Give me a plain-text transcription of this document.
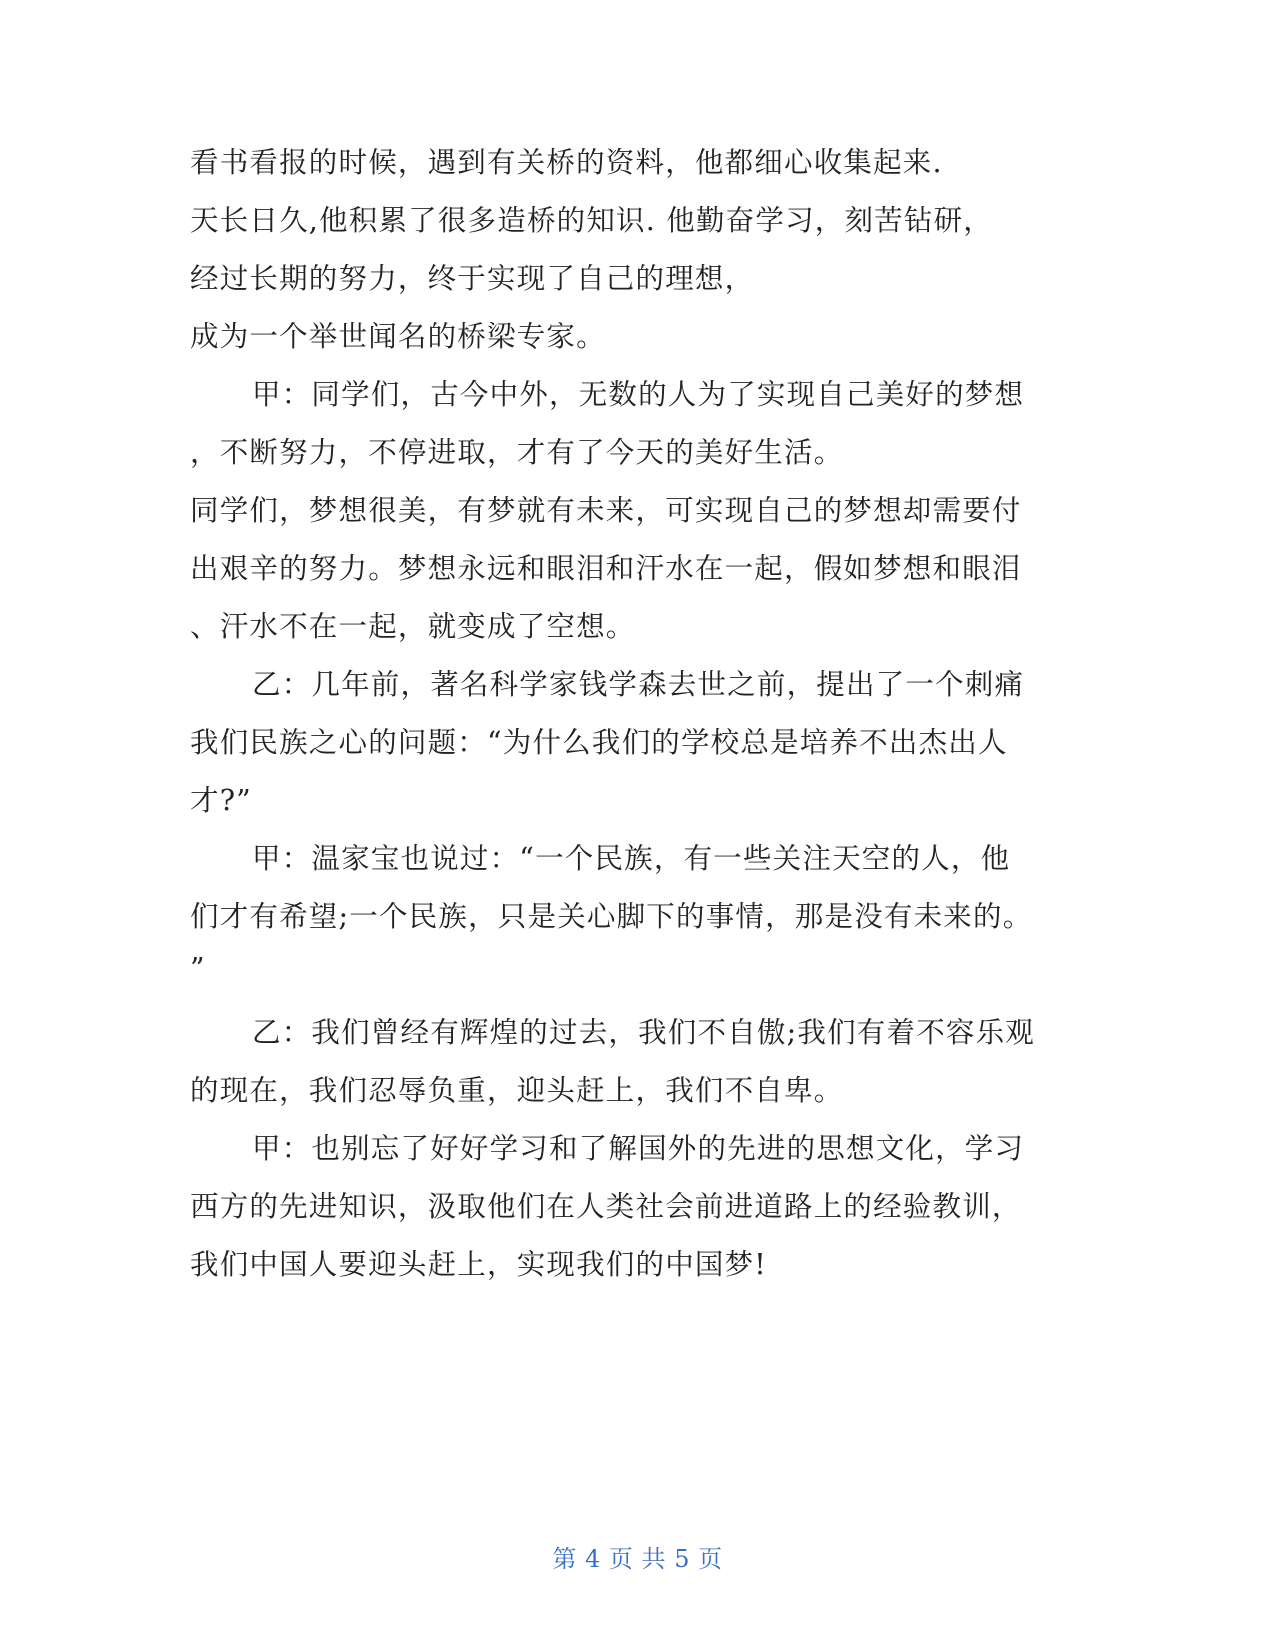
看书看报的时候，遇到有关桥的资料，他都细心收集起来.

天长日久,他积累了很多造桥的知识. 他勤奋学习，刻苦钻研，

经过长期的努力，终于实现了自己的理想，

成为一个举世闻名的桥梁专家。

甲：同学们，古今中外，无数的人为了实现自己美好的梦想

，不断努力，不停进取，才有了今天的美好生活。

同学们，梦想很美，有梦就有未来，可实现自己的梦想却需要付

出艰辛的努力。梦想永远和眼泪和汗水在一起，假如梦想和眼泪

、汗水不在一起，就变成了空想。

乙：几年前，著名科学家钱学森去世之前，提出了一个刺痛

我们民族之心的问题：“为什么我们的学校总是培养不出杰出人

才?”

甲：温家宝也说过：“一个民族，有一些关注天空的人，他

们才有希望;一个民族，只是关心脚下的事情，那是没有未来的。

”

乙：我们曾经有辉煌的过去，我们不自傲;我们有着不容乐观

的现在，我们忍辱负重，迎头赶上，我们不自卑。

甲：也别忘了好好学习和了解国外的先进的思想文化，学习

西方的先进知识，汲取他们在人类社会前进道路上的经验教训，

我们中国人要迎头赶上，实现我们的中国梦!

第 4 页 共 5 页
